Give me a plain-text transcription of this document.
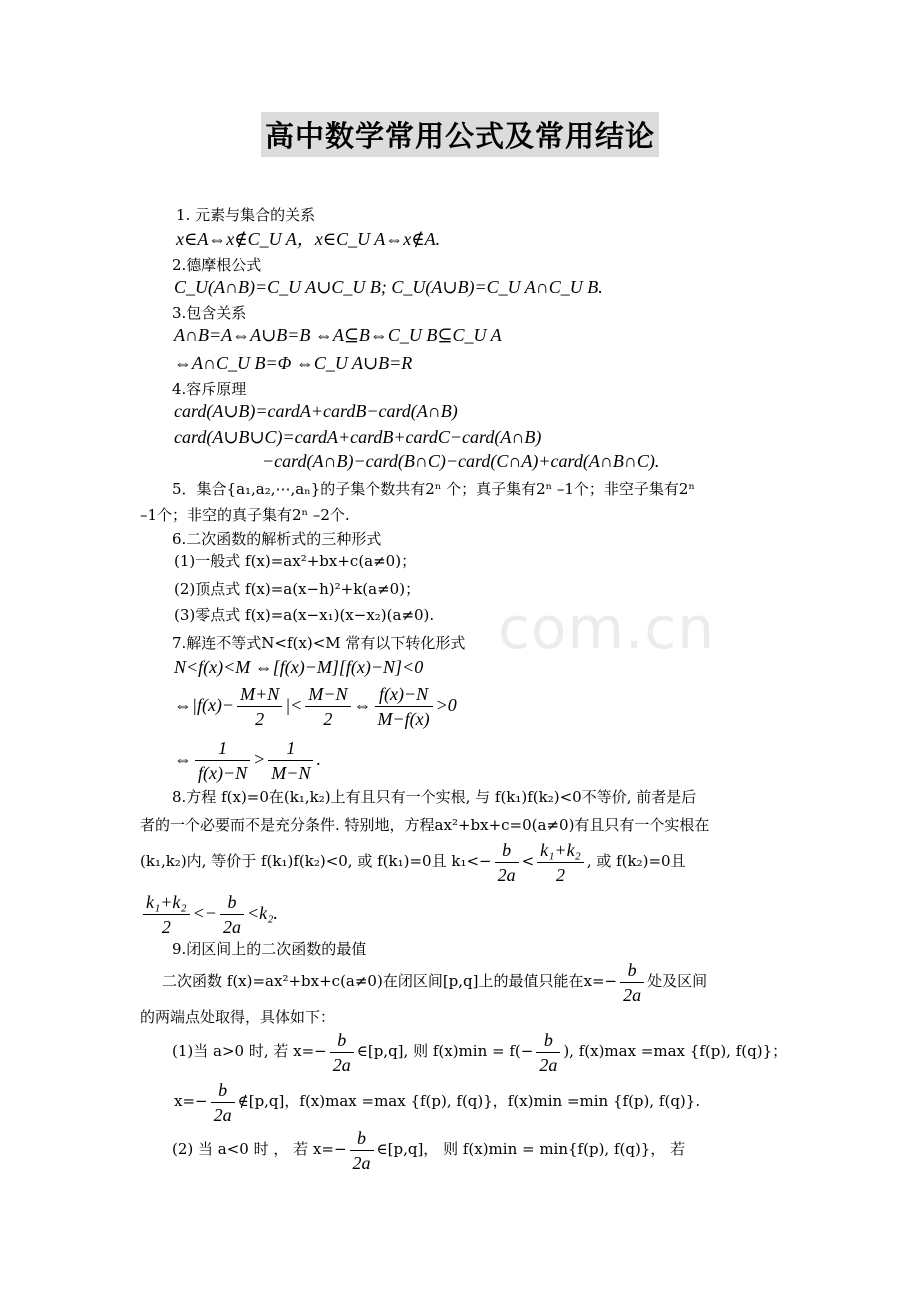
高中数学常用公式及常用结论
com.cn
1. 元素与集合的关系
x∈A⇔x∉C_U A，x∈C_U A⇔x∉A.
2.德摩根公式
C_U(A∩B)=C_U A∪C_U B; C_U(A∪B)=C_U A∩C_U B.
3.包含关系
A∩B=A⇔A∪B=B ⇔A⊆B⇔C_U B⊆C_U A
⇔A∩C_U B=Φ ⇔C_U A∪B=R
4.容斥原理
card(A∪B)=cardA+cardB−card(A∩B)
card(A∪B∪C)=cardA+cardB+cardC−card(A∩B)
−card(A∩B)−card(B∩C)−card(C∩A)+card(A∩B∩C).
5．集合{a₁,a₂,⋯,aₙ}的子集个数共有2ⁿ 个；真子集有2ⁿ –1个；非空子集有2ⁿ
–1个；非空的真子集有2ⁿ –2个.
6.二次函数的解析式的三种形式
(1)一般式 f(x)=ax²+bx+c(a≠0)；
(2)顶点式 f(x)=a(x−h)²+k(a≠0)；
(3)零点式 f(x)=a(x−x₁)(x−x₂)(a≠0).
7.解连不等式N<f(x)<M 常有以下转化形式
N<f(x)<M ⇔[f(x)−M][f(x)−N]<0
⇔|f(x)− $\frac{M+N}{2}$ |< $\frac{M-N}{2}$ ⇔ $\frac{f(x)-N}{M-f(x)} >0$
⇔ $\frac{1}{f(x)-N} > \frac{1}{M-N}$ .
8.方程 f(x)=0在(k₁,k₂)上有且只有一个实根, 与 f(k₁)f(k₂)<0不等价, 前者是后
者的一个必要而不是充分条件. 特别地，方程ax²+bx+c=0(a≠0)有且只有一个实根在
(k₁,k₂)内, 等价于 f(k₁)f(k₂)<0, 或 f(k₁)=0且 $k_1<- \frac{b}{2a} < \frac{\text{k₁+k₂}}{2}$ , 或 f(k₂)=0且
$\frac{\text{k₁+k₂}}{2} <- \frac{b}{2a} <k_2$.
9.闭区间上的二次函数的最值
二次函数 f(x)=ax²+bx+c(a≠0)在闭区间[p,q]上的最值只能在$x=- \frac{b}{2a}$ 处及区间
的两端点处取得，具体如下：
(1)当 a>0 时, 若 $x=- \frac{b}{2a}$ ∈[p,q], 则 $f(x)\min = f(- \frac{b}{2a}$ ), f(x)max =max {f(p), f(q)}；
$x=- \frac{b}{2a}$ ∉[p,q]，f(x)max =max {f(p), f(q)}，f(x)min =min {f(p), f(q)}.
(2) 当 a<0 时 ， 若 $x=- \frac{b}{2a}$ ∈[p,q]， 则 f(x)min = min{f(p), f(q)}， 若
